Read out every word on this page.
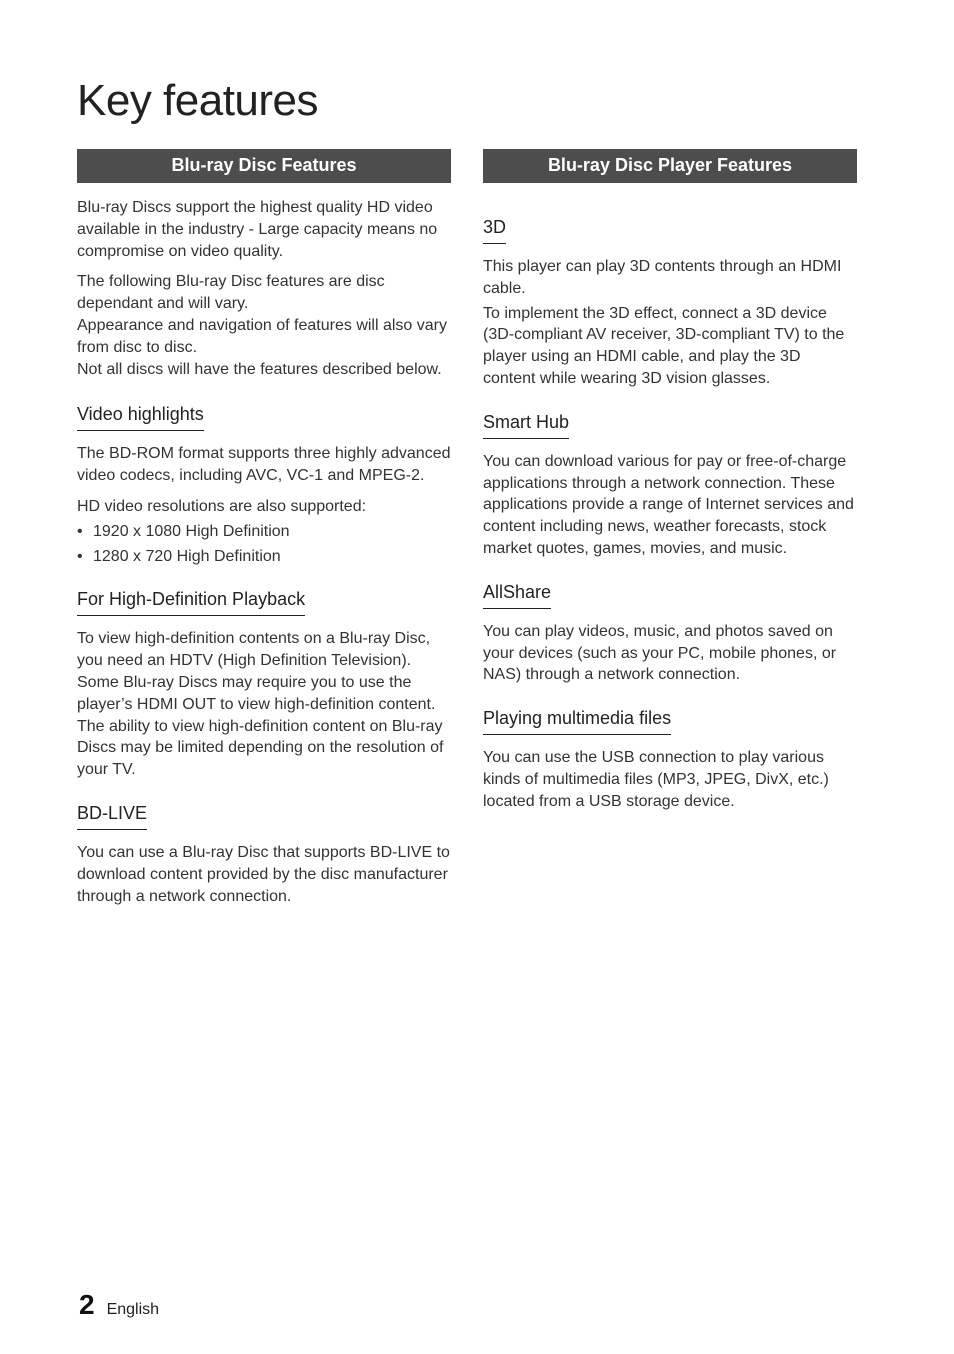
Key features
Blu-ray Disc Features

Blu-ray Discs support the highest quality HD video available in the industry - Large capacity means no compromise on video quality.

The following Blu-ray Disc features are disc dependant and will vary.

Appearance and navigation of features will also vary from disc to disc.

Not all discs will have the features described below.

Video highlights

The BD-ROM format supports three highly advanced video codecs, including AVC, VC-1 and MPEG-2.

HD video resolutions are also supported:

• 1920 x 1080 High Definition
• 1280 x 720 High Definition
For High-Definition Playback

To view high-definition contents on a Blu-ray Disc, you need an HDTV (High Definition Television). Some Blu-ray Discs may require you to use the player’s HDMI OUT to view high-definition content. The ability to view high-definition content on Blu-ray Discs may be limited depending on the resolution of your TV.

BD-LIVE

You can use a Blu-ray Disc that supports BD-LIVE to download content provided by the disc manufacturer through a network connection.

Blu-ray Disc Player Features
3D

This player can play 3D contents through an HDMI cable.

To implement the 3D effect, connect a 3D device (3D-compliant AV receiver, 3D-compliant TV) to the player using an HDMI cable, and play the 3D content while wearing 3D vision glasses.

Smart Hub

You can download various for pay or free-of-charge applications through a network connection. These applications provide a range of Internet services and content including news, weather forecasts, stock market quotes, games, movies, and music.

AllShare

You can play videos, music, and photos saved on your devices (such as your PC, mobile phones, or NAS) through a network connection.

Playing multimedia files

You can use the USB connection to play various kinds of multimedia files (MP3, JPEG, DivX, etc.) located from a USB storage device.

2 English
